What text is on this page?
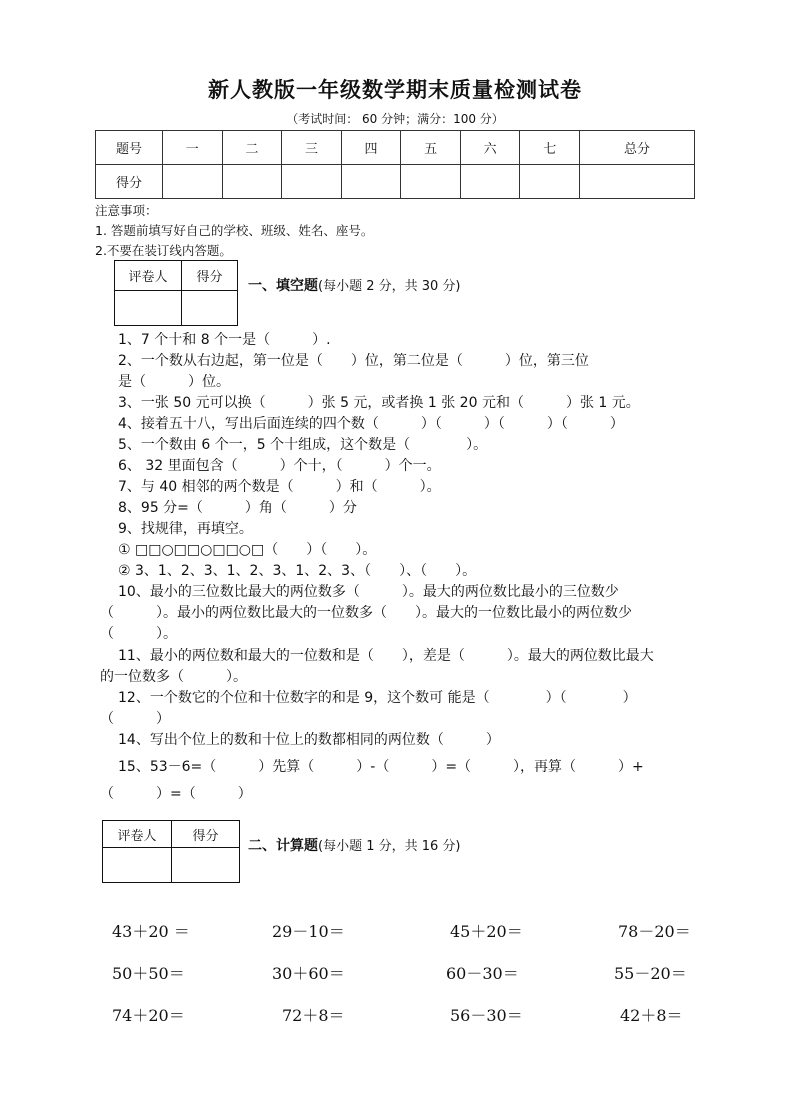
新人教版一年级数学期末质量检测试卷
（考试时间： 60 分钟；满分：100 分）
题号	一	二	三	四	五	六	七	总分
得分								
注意事项：
1. 答题前填写好自己的学校、班级、姓名、座号。
2.不要在装订线内答题。
评卷人	得分

一、填空题(每小题 2 分，共 30 分)
1、7 个十和 8 个一是（　　　）.
2、一个数从右边起，第一位是（　　）位，第二位是（　　　）位，第三位
是（　　　）位。
3、一张 50 元可以换（　　　）张 5 元，或者换 1 张 20 元和（　　　）张 1 元。
4、接着五十八，写出后面连续的四个数（　　　）（　　　）（　　　）（　　　）
5、一个数由 6 个一，5 个十组成，这个数是（　　　　）。
6、 32 里面包含（　　　）个十，（　　　）个一。
7、与 40 相邻的两个数是（　　　）和（　　　）。
8、95 分=（　　　）角（　　　）分
9、找规律，再填空。
① □□○□□○□□○□（　　）（　　）。
② 3、1、2、3、1、2、3、1、2、3、（　　）、（　　）。
10、最小的三位数比最大的两位数多（　　　）。最大的两位数比最小的三位数少
（　　　）。最小的两位数比最大的一位数多（　　）。最大的一位数比最小的两位数少
（　　　）。
11、最小的两位数和最大的一位数和是（　　），差是（　　　）。最大的两位数比最大
的一位数多（　　　）。
12、一个数它的个位和十位数字的和是 9，这个数可 能是（　　　　）（　　　　）
（　　　）
14、写出个位上的数和十位上的数都相同的两位数（　　　）
15、53－6=（　　　）先算（　　　）-（　　　）=（　　　），再算（　　　）+
（　　　）=（　　　）
评卷人	得分

二、计算题(每小题 1 分，共 16 分)
43＋20 ＝	29－10＝	45＋20＝	78－20＝
50＋50＝	30＋60＝	60－30＝	55－20＝
74＋20＝	72＋8＝	56－30＝	42＋8＝
